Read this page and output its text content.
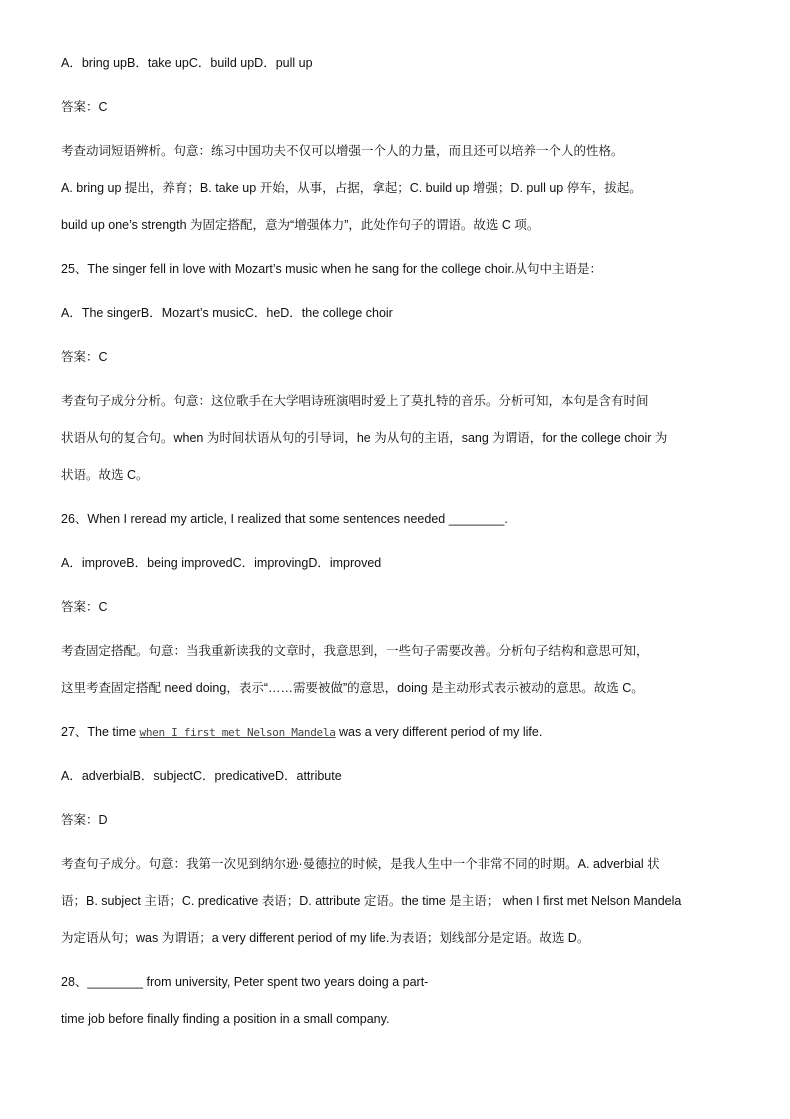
A．bring upB．take upC．build upD．pull up
答案：C
考查动词短语辨析。句意：练习中国功夫不仅可以增强一个人的力量，而且还可以培养一个人的性格。
A. bring up 提出，养育；B. take up 开始，从事，占据，拿起；C. build up 增强；D. pull up 停车，拔起。
build up one’s strength 为固定搭配，意为“增强体力”，此处作句子的谓语。故选 C 项。
25、The singer fell in love with Mozart’s music when he sang for the college choir.从句中主语是：
A．The singerB．Mozart’s musicC．heD．the college choir
答案：C
考查句子成分分析。句意：这位歌手在大学唱诗班演唱时爱上了莫扎特的音乐。分析可知，本句是含有时间
状语从句的复合句。when 为时间状语从句的引导词，he 为从句的主语，sang 为谓语，for the college choir 为
状语。故选 C。
26、When I reread my article, I realized that some sentences needed ________.
A．improveB．being improvedC．improvingD．improved
答案：C
考查固定搭配。句意：当我重新读我的文章时，我意思到，一些句子需要改善。分析句子结构和意思可知，
这里考查固定搭配 need doing，表示“……需要被做”的意思，doing 是主动形式表示被动的意思。故选 C。
27、The time when I first met Nelson Mandela was a very different period of my life.
A．adverbialB．subjectC．predicativeD．attribute
答案：D
考查句子成分。句意：我第一次见到纳尔逊·曼德拉的时候，是我人生中一个非常不同的时期。A. adverbial 状
语；B. subject 主语；C. predicative 表语；D. attribute 定语。the time 是主语； when I first met Nelson Mandela
为定语从句；was 为谓语；a very different period of my life.为表语；划线部分是定语。故选 D。
28、________ from university, Peter spent two years doing a part-
time job before finally finding a position in a small company.
